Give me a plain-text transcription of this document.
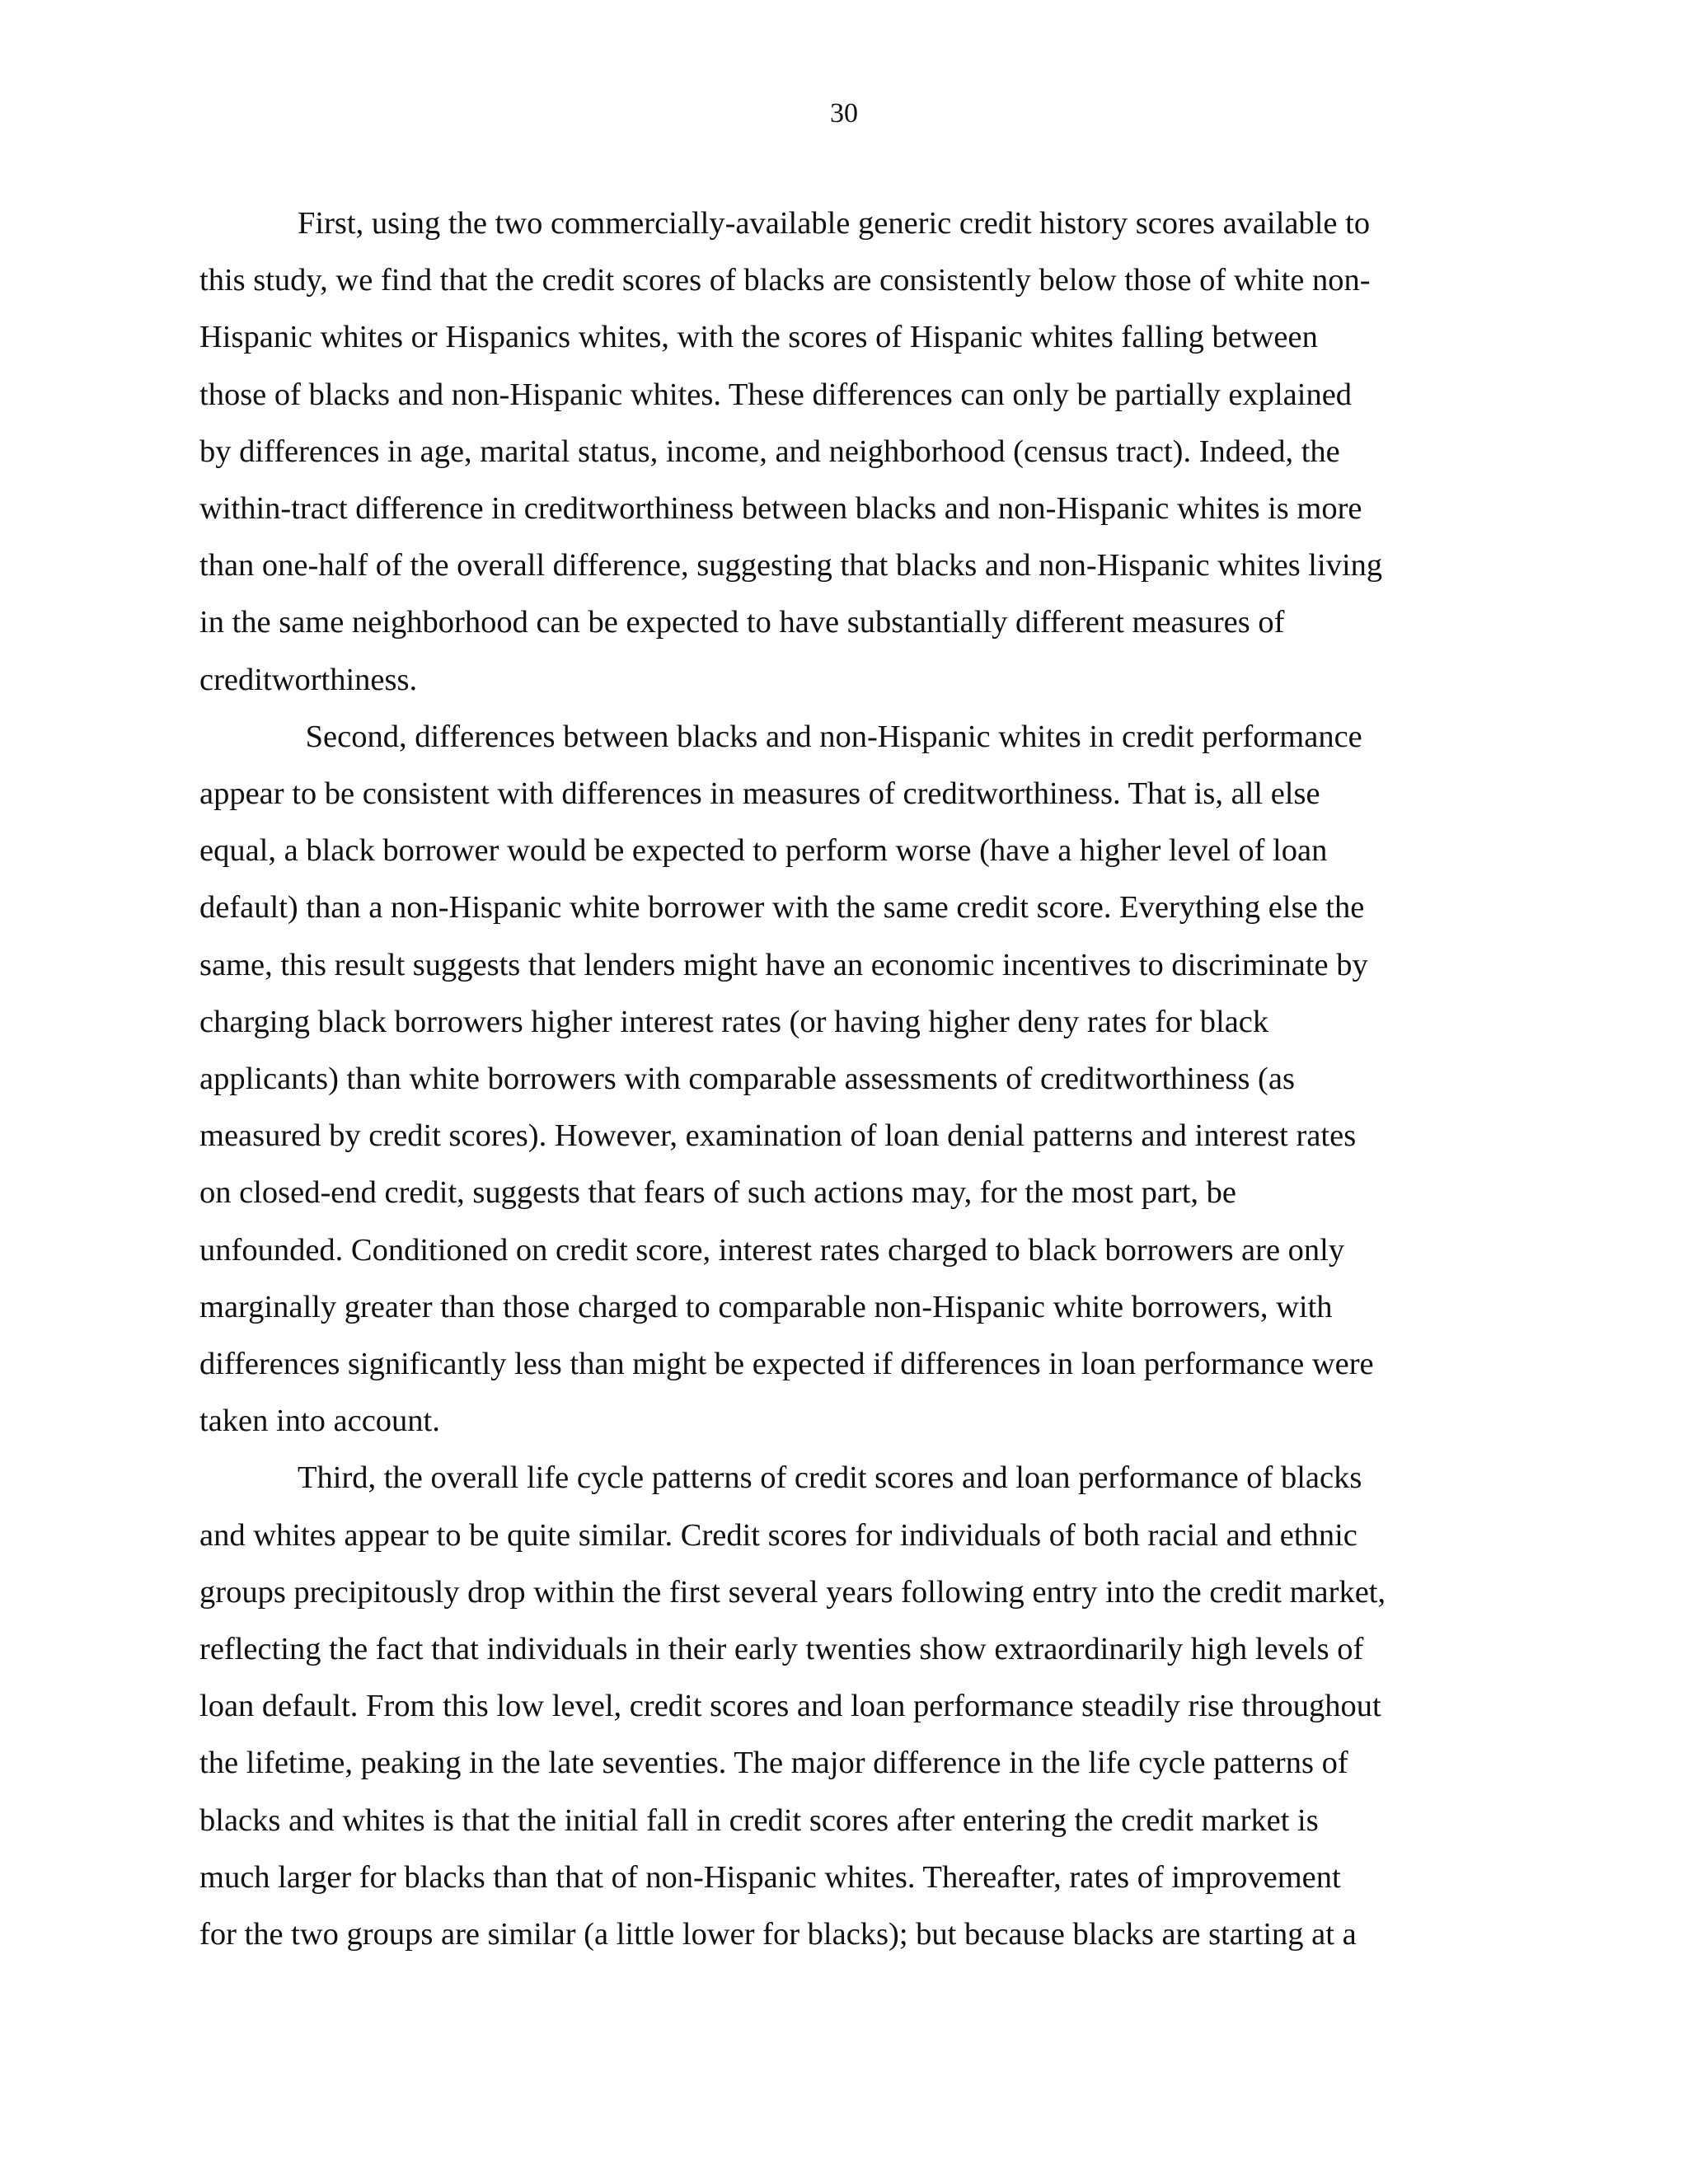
30

First, using the two commercially-available generic credit history scores available to
this study, we find that the credit scores of blacks are consistently below those of white non-
Hispanic whites or Hispanics whites, with the scores of Hispanic whites falling between
those of blacks and non-Hispanic whites. These differences can only be partially explained
by differences in age, marital status, income, and neighborhood (census tract). Indeed, the
within-tract difference in creditworthiness between blacks and non-Hispanic whites is more
than one-half of the overall difference, suggesting that blacks and non-Hispanic whites living
in the same neighborhood can be expected to have substantially different measures of
creditworthiness.

Second, differences between blacks and non-Hispanic whites in credit performance
appear to be consistent with differences in measures of creditworthiness. That is, all else
equal, a black borrower would be expected to perform worse (have a higher level of loan
default) than a non-Hispanic white borrower with the same credit score. Everything else the
same, this result suggests that lenders might have an economic incentives to discriminate by
charging black borrowers higher interest rates (or having higher deny rates for black
applicants) than white borrowers with comparable assessments of creditworthiness (as
measured by credit scores). However, examination of loan denial patterns and interest rates
on closed-end credit, suggests that fears of such actions may, for the most part, be
unfounded. Conditioned on credit score, interest rates charged to black borrowers are only
marginally greater than those charged to comparable non-Hispanic white borrowers, with
differences significantly less than might be expected if differences in loan performance were
taken into account.

Third, the overall life cycle patterns of credit scores and loan performance of blacks
and whites appear to be quite similar. Credit scores for individuals of both racial and ethnic
groups precipitously drop within the first several years following entry into the credit market,
reflecting the fact that individuals in their early twenties show extraordinarily high levels of
loan default. From this low level, credit scores and loan performance steadily rise throughout
the lifetime, peaking in the late seventies. The major difference in the life cycle patterns of
blacks and whites is that the initial fall in credit scores after entering the credit market is
much larger for blacks than that of non-Hispanic whites. Thereafter, rates of improvement
for the two groups are similar (a little lower for blacks); but because blacks are starting at a
